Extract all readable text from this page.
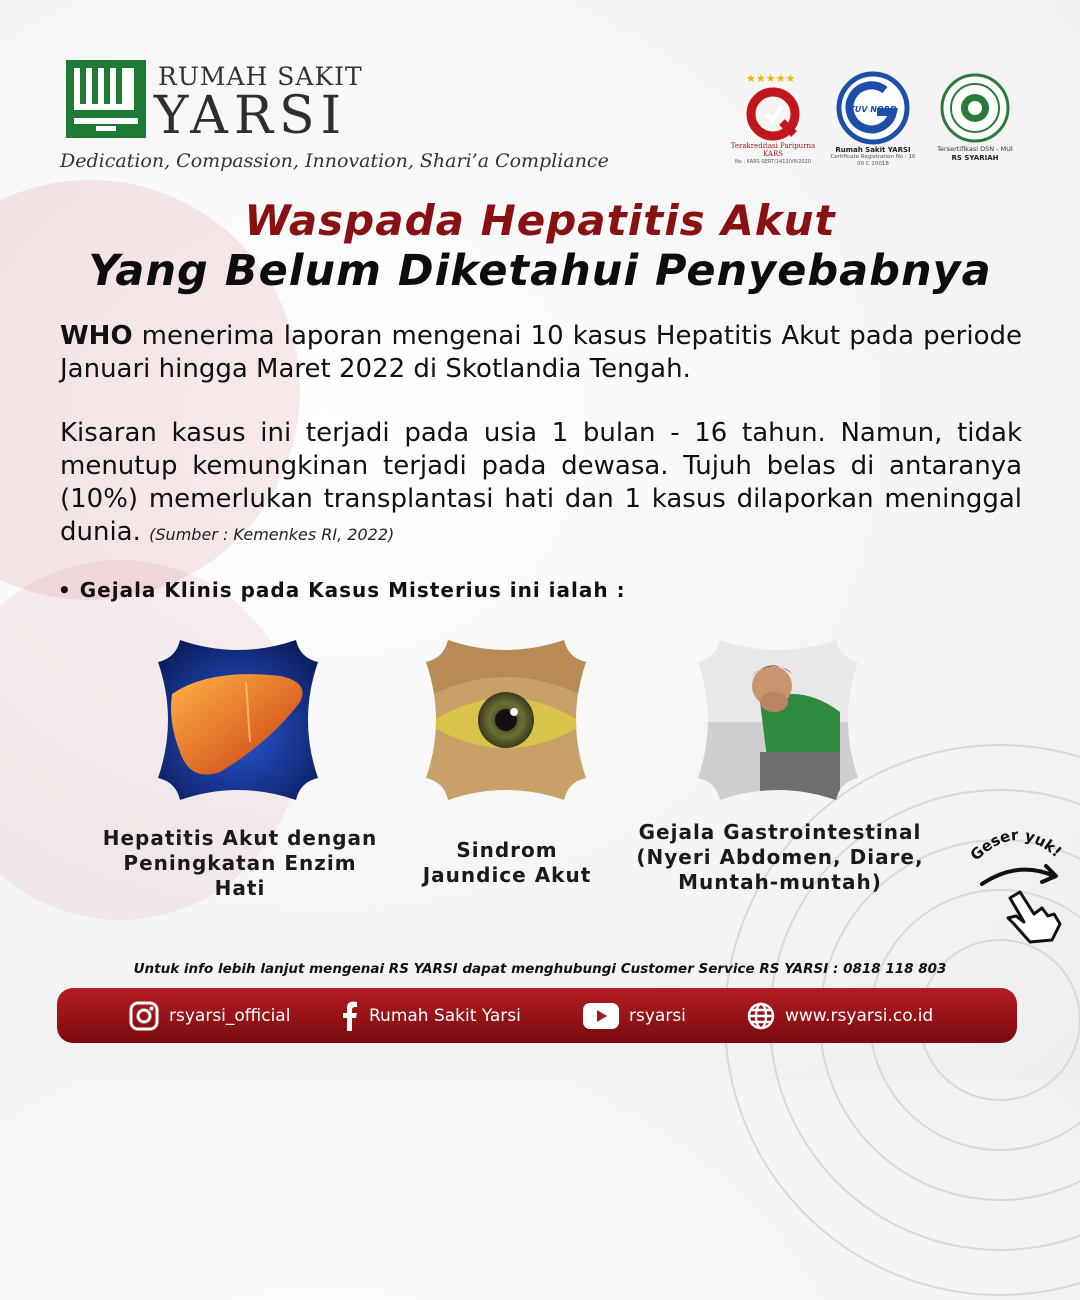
RUMAH SAKIT
YARSI
Dedication, Compassion, Innovation, Shari’a Compliance
★★★★★
Terakreditasi Paripurna
KARS
No : KARS-SERT/1413/VII/2020
TUV NORD
Rumah Sakit YARSI
Certificate Registration No : 16 00 C 20018
Tersertifikasi DSN - MUI
RS SYARIAH
Waspada Hepatitis Akut
Yang Belum Diketahui Penyebabnya
WHO menerima laporan mengenai 10 kasus Hepatitis Akut pada periode Januari hingga Maret 2022 di Skotlandia Tengah.
Kisaran kasus ini terjadi pada usia 1 bulan - 16 tahun. Namun, tidak menutup kemungkinan terjadi pada dewasa. Tujuh belas di antaranya (10%) memerlukan transplantasi hati dan 1 kasus dilaporkan meninggal dunia. (Sumber : Kemenkes RI, 2022)
• Gejala Klinis pada Kasus Misterius ini ialah :
Hepatitis Akut dengan
Peningkatan Enzim
Hati
Sindrom
Jaundice Akut
Gejala Gastrointestinal
(Nyeri Abdomen, Diare,
Muntah-muntah)
Geser yuk!
Untuk info lebih lanjut mengenai RS YARSI dapat menghubungi Customer Service RS YARSI : 0818 118 803
rsyarsi_official	Rumah Sakit Yarsi	rsyarsi	www.rsyarsi.co.id
